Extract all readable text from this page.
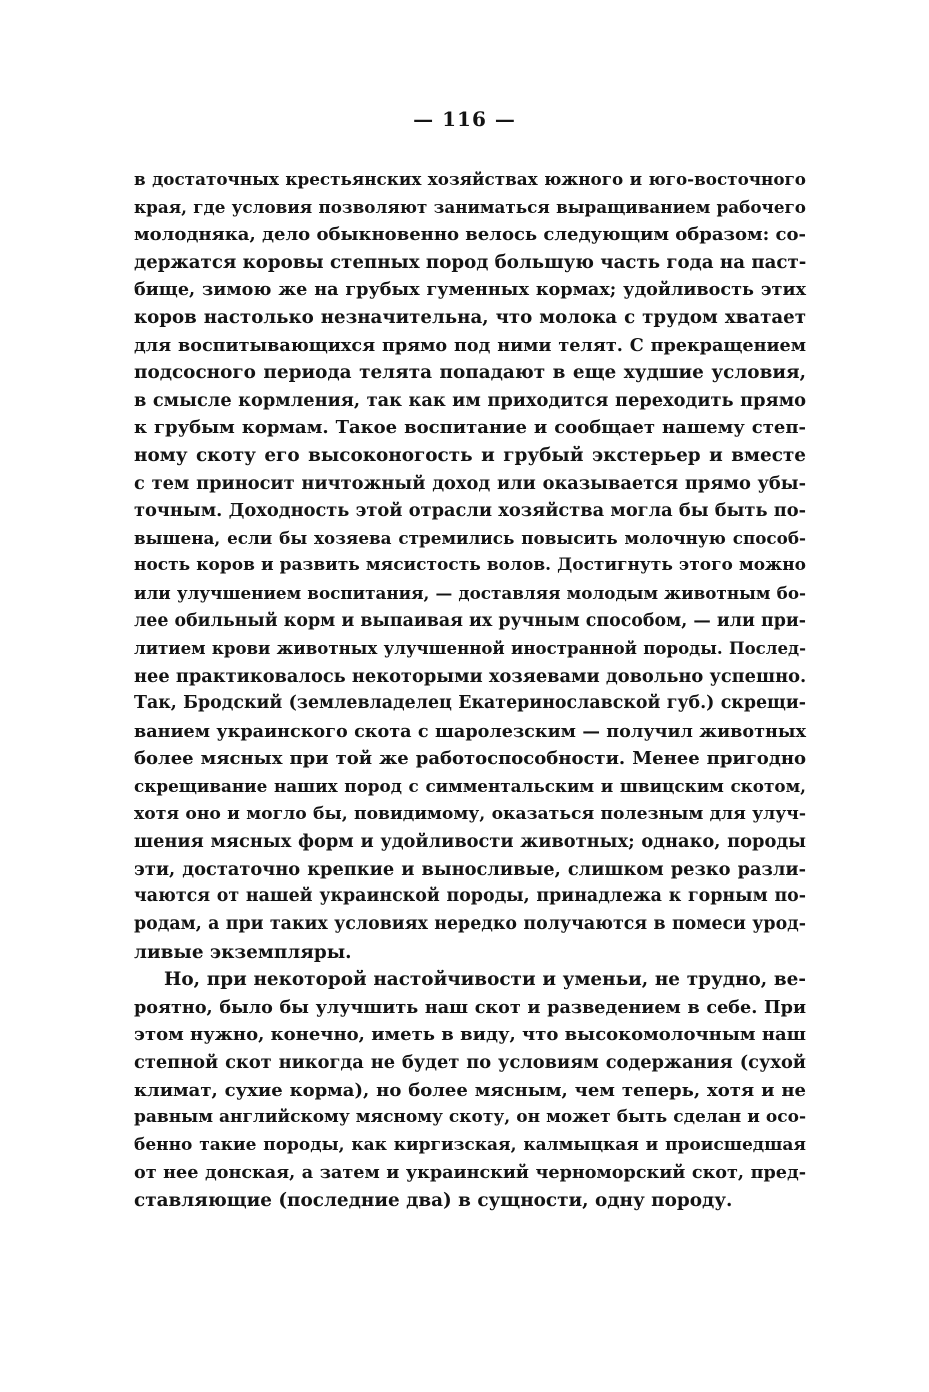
— 116 —
в достаточных крестьянских хозяйствах южного и юго-восточного
края, где условия позволяют заниматься выращиванием рабочего
молодняка, дело обыкновенно велось следующим образом: со-
держатся коровы степных пород большую часть года на паст-
бище, зимою же на грубых гуменных кормах; удойливость этих
коров настолько незначительна, что молока с трудом хватает
для воспитывающихся прямо под ними телят. С прекращением
подсосного периода телята попадают в еще худшие условия,
в смысле кормления, так как им приходится переходить прямо
к грубым кормам. Такое воспитание и сообщает нашему степ-
ному скоту его высоконогость и грубый экстерьер и вместе
с тем приносит ничтожный доход или оказывается прямо убы-
точным. Доходность этой отрасли хозяйства могла бы быть по-
вышена, если бы хозяева стремились повысить молочную способ-
ность коров и развить мясистость волов. Достигнуть этого можно
или улучшением воспитания, — доставляя молодым животным бо-
лее обильный корм и выпаивая их ручным способом, — или при-
литием крови животных улучшенной иностранной породы. Послед-
нее практиковалось некоторыми хозяевами довольно успешно.
Так, Бродский (землевладелец Екатеринославской губ.) скрещи-
ванием украинского скота с шаролезским — получил животных
более мясных при той же работоспособности. Менее пригодно
скрещивание наших пород с симментальским и швицским скотом,
хотя оно и могло бы, повидимому, оказаться полезным для улуч-
шения мясных форм и удойливости животных; однако, породы
эти, достаточно крепкие и выносливые, слишком резко разли-
чаются от нашей украинской породы, принадлежа к горным по-
родам, а при таких условиях нередко получаются в помеси урод-
ливые экземпляры.
Но, при некоторой настойчивости и уменьи, не трудно, ве-
роятно, было бы улучшить наш скот и разведением в себе. При
этом нужно, конечно, иметь в виду, что высокомолочным наш
степной скот никогда не будет по условиям содержания (сухой
климат, сухие корма), но более мясным, чем теперь, хотя и не
равным английскому мясному скоту, он может быть сделан и осо-
бенно такие породы, как киргизская, калмыцкая и происшедшая
от нее донская, а затем и украинский черноморский скот, пред-
ставляющие (последние два) в сущности, одну породу.
